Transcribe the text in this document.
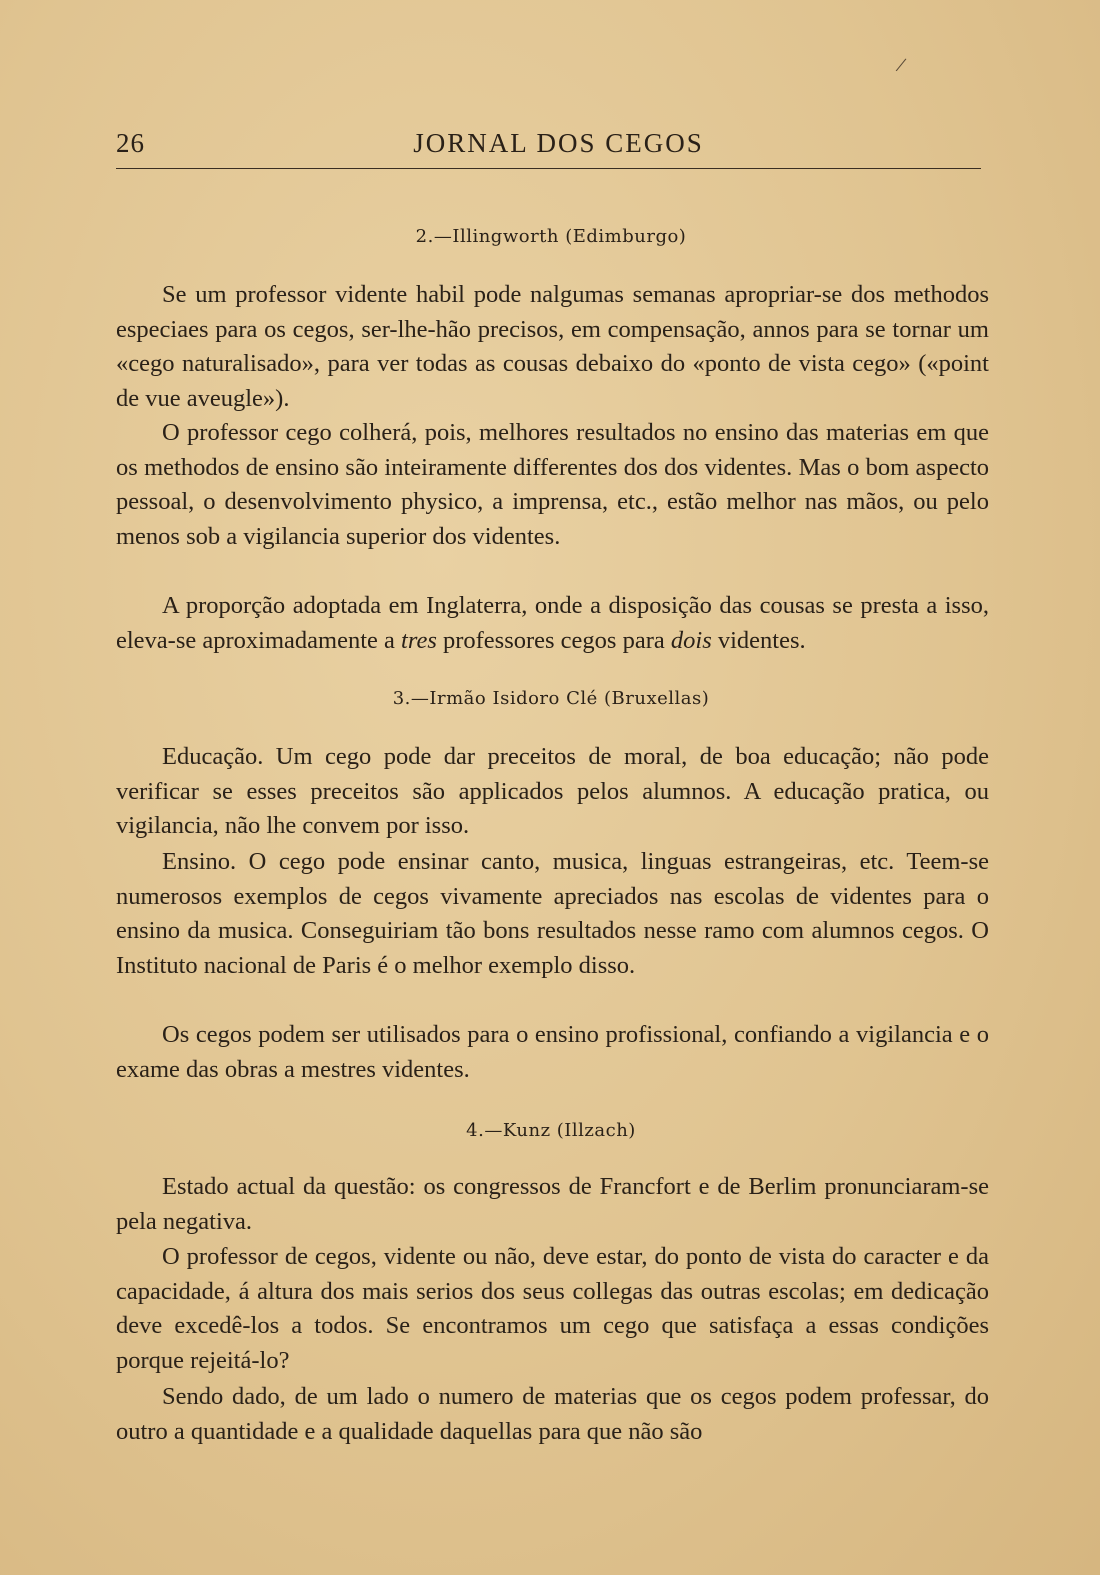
/
26	JORNAL DOS CEGOS
2.—Illingworth (Edimburgo)

Se um professor vidente habil pode nalgumas semanas apropriar-se dos methodos especiaes para os cegos, ser-lhe-hão precisos, em compensação, annos para se tornar um «cego naturalisado», para ver todas as cousas debaixo do «ponto de vista cego» («point de vue aveugle»).

O professor cego colherá, pois, melhores resultados no ensino das materias em que os methodos de ensino são inteiramente differentes dos dos videntes. Mas o bom aspecto pessoal, o desenvolvimento physico, a imprensa, etc., estão melhor nas mãos, ou pelo menos sob a vigilancia superior dos videntes.

A proporção adoptada em Inglaterra, onde a disposição das cousas se presta a isso, eleva-se aproximadamente a tres professores cegos para dois videntes.

3.—Irmão Isidoro Clé (Bruxellas)

Educação. Um cego pode dar preceitos de moral, de boa educação; não pode verificar se esses preceitos são applicados pelos alumnos. A educação pratica, ou vigilancia, não lhe convem por isso.

Ensino. O cego pode ensinar canto, musica, linguas estrangeiras, etc. Teem-se numerosos exemplos de cegos vivamente apreciados nas escolas de videntes para o ensino da musica. Conseguiriam tão bons resultados nesse ramo com alumnos cegos. O Instituto nacional de Paris é o melhor exemplo disso.

Os cegos podem ser utilisados para o ensino profissional, confiando a vigilancia e o exame das obras a mestres videntes.

4.—Kunz (Illzach)

Estado actual da questão: os congressos de Francfort e de Berlim pronunciaram-se pela negativa.

O professor de cegos, vidente ou não, deve estar, do ponto de vista do caracter e da capacidade, á altura dos mais serios dos seus collegas das outras escolas; em dedicação deve excedê-los a todos. Se encontramos um cego que satisfaça a essas condições porque rejeitá-lo?

Sendo dado, de um lado o numero de materias que os cegos podem professar, do outro a quantidade e a qualidade daquellas para que não são
